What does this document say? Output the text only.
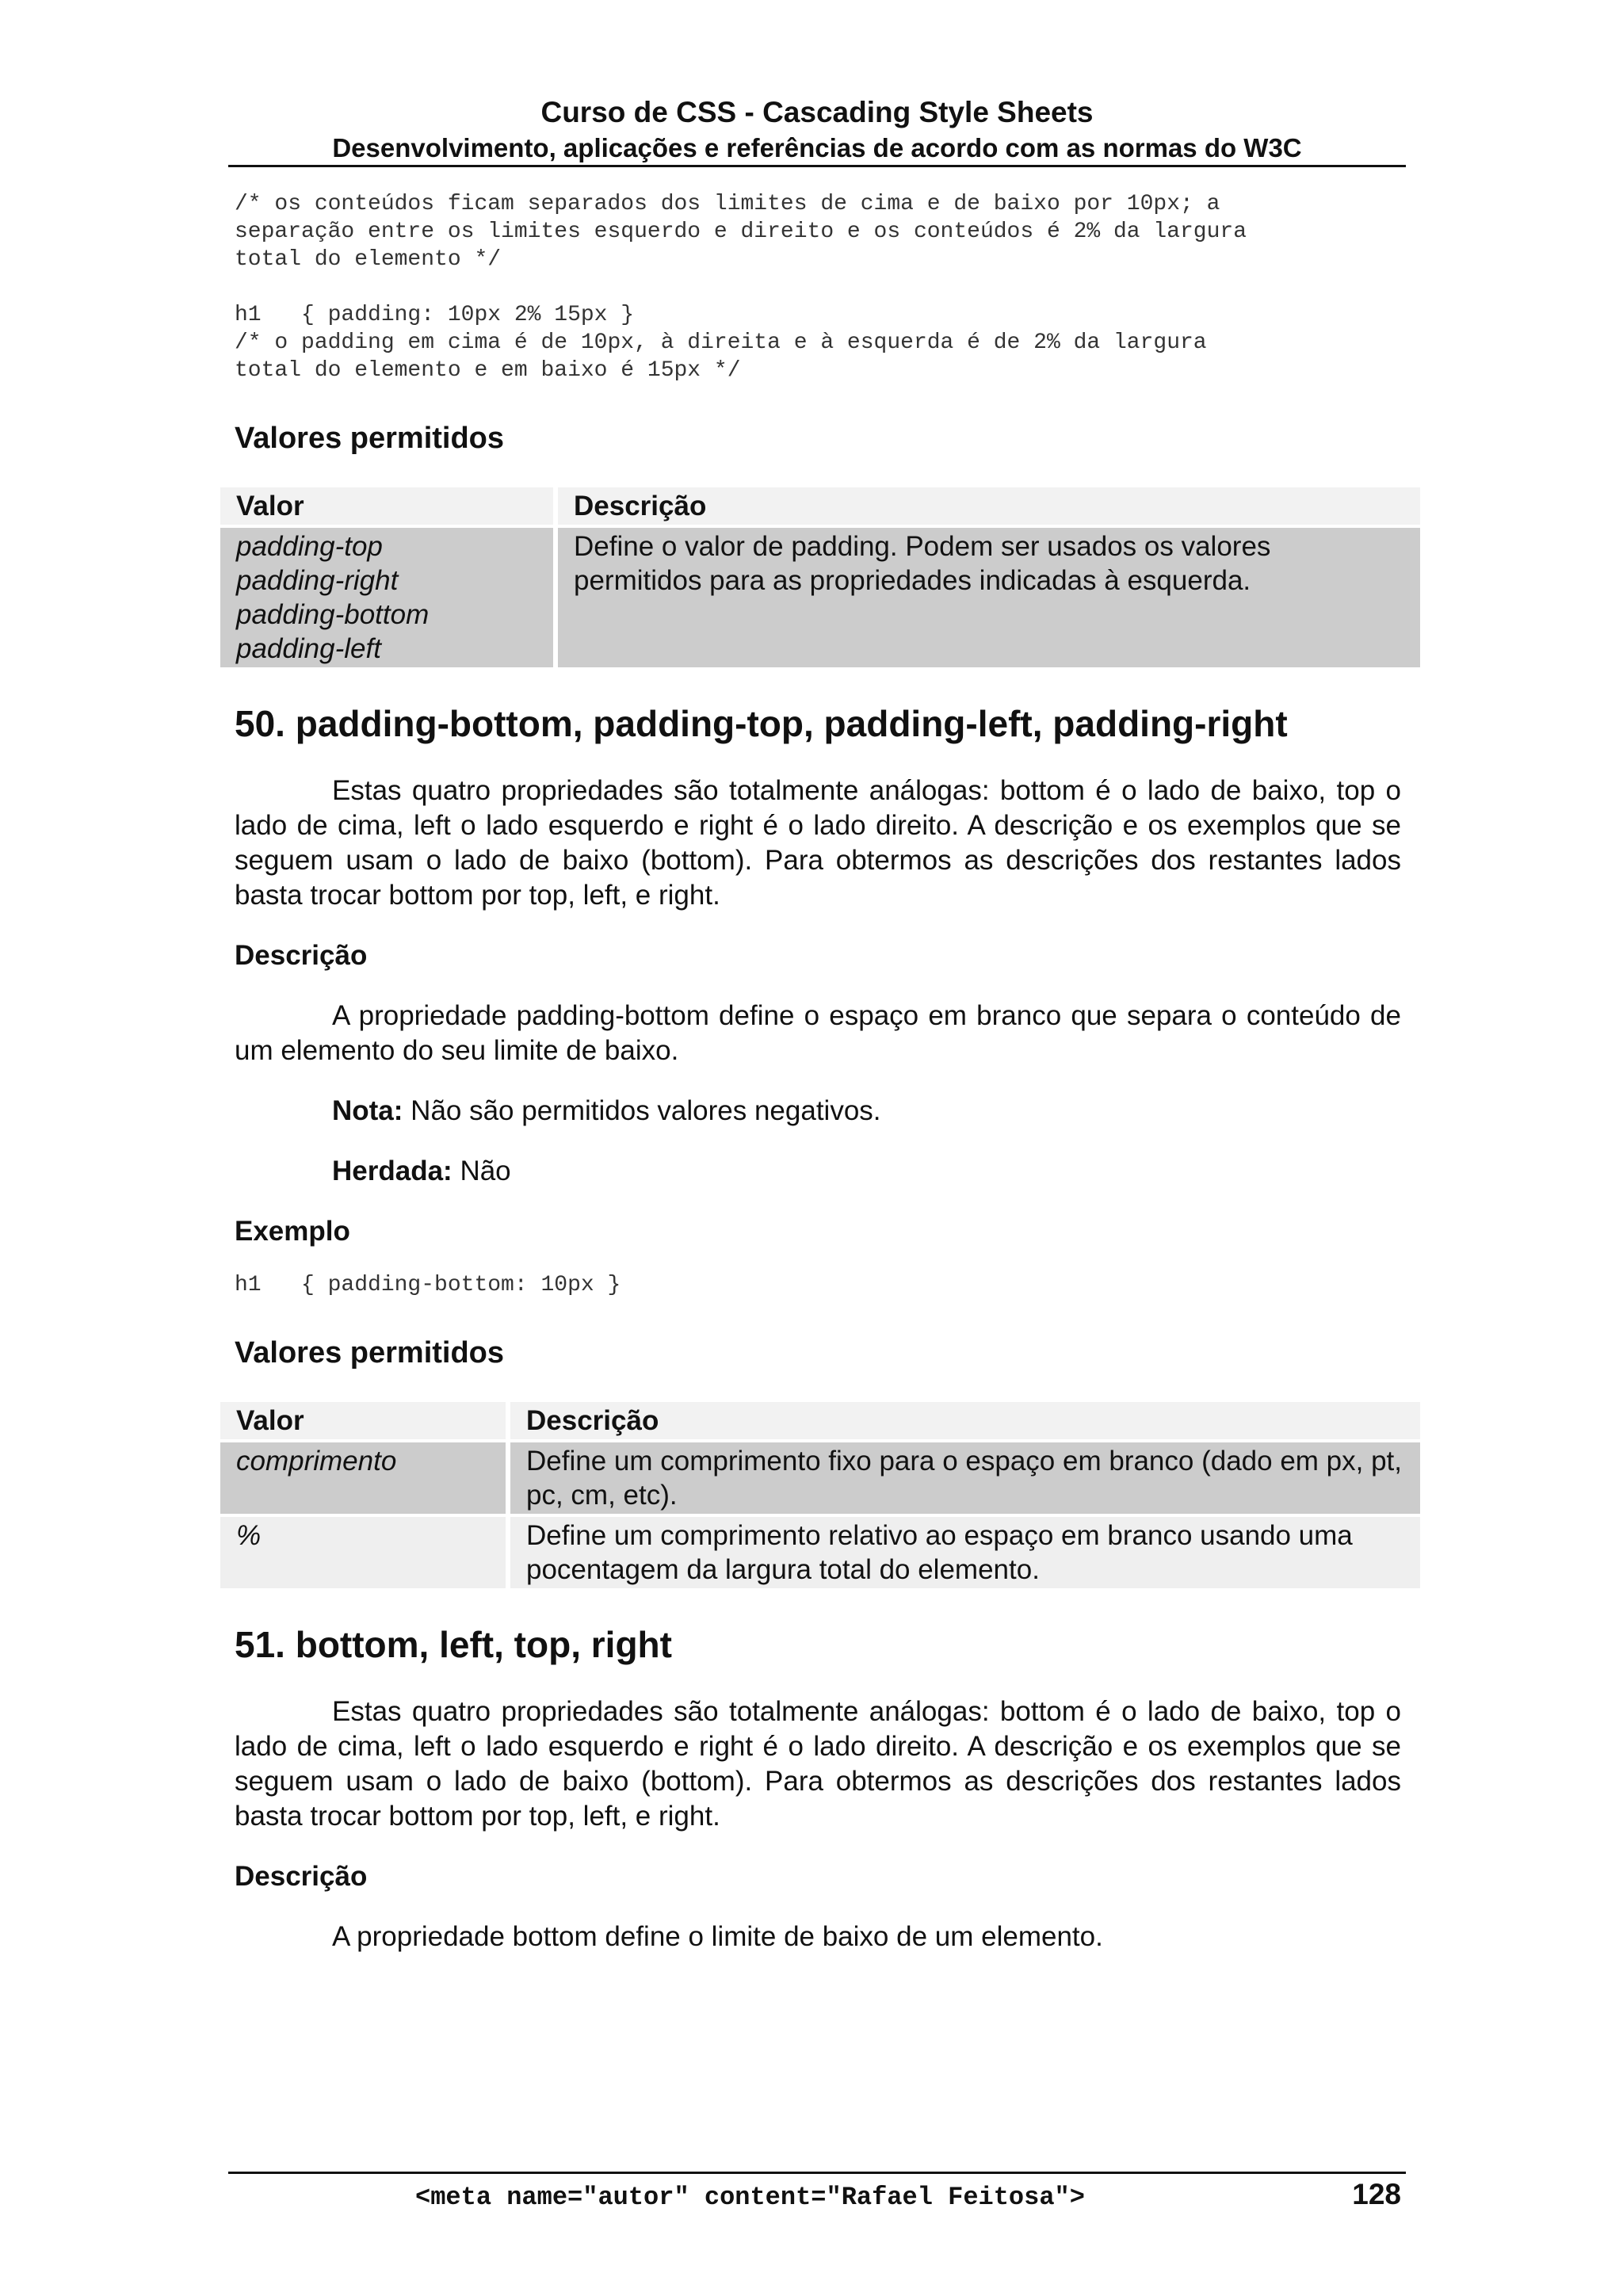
Curso de CSS - Cascading Style Sheets
Desenvolvimento, aplicações e referências de acordo com as normas do W3C
/* os conteúdos ficam separados dos limites de cima e de baixo por 10px; a
separação entre os limites esquerdo e direito e os conteúdos é 2% da largura
total do elemento */

h1   { padding: 10px 2% 15px }
/* o padding em cima é de 10px, à direita e à esquerda é de 2% da largura
total do elemento e em baixo é 15px */
Valores permitidos
Valor	Descrição
padding-top
padding-right
padding-bottom
padding-left	Define o valor de padding. Podem ser usados os valores permitidos para as propriedades indicadas à esquerda.
50. padding-bottom, padding-top, padding-left, padding-right

Estas quatro propriedades são totalmente análogas: bottom é o lado de baixo, top o lado de cima, left o lado esquerdo e right é o lado direito. A descrição e os exemplos que se seguem usam o lado de baixo (bottom). Para obtermos as descrições dos restantes lados basta trocar bottom por top, left, e right.

Descrição

A propriedade padding-bottom define o espaço em branco que separa o conteúdo de um elemento do seu limite de baixo.

Nota: Não são permitidos valores negativos.

Herdada: Não

Exemplo
h1   { padding-bottom: 10px }
Valores permitidos
Valor	Descrição
comprimento	Define um comprimento fixo para o espaço em branco (dado em px, pt, pc, cm, etc).
%	Define um comprimento relativo ao espaço em branco usando uma pocentagem da largura total do elemento.
51. bottom, left, top, right

Estas quatro propriedades são totalmente análogas: bottom é o lado de baixo, top o lado de cima, left o lado esquerdo e right é o lado direito. A descrição e os exemplos que se seguem usam o lado de baixo (bottom). Para obtermos as descrições dos restantes lados basta trocar bottom por top, left, e right.

Descrição

A propriedade bottom define o limite de baixo de um elemento.

<meta name="autor" content="Rafael Feitosa">	128
